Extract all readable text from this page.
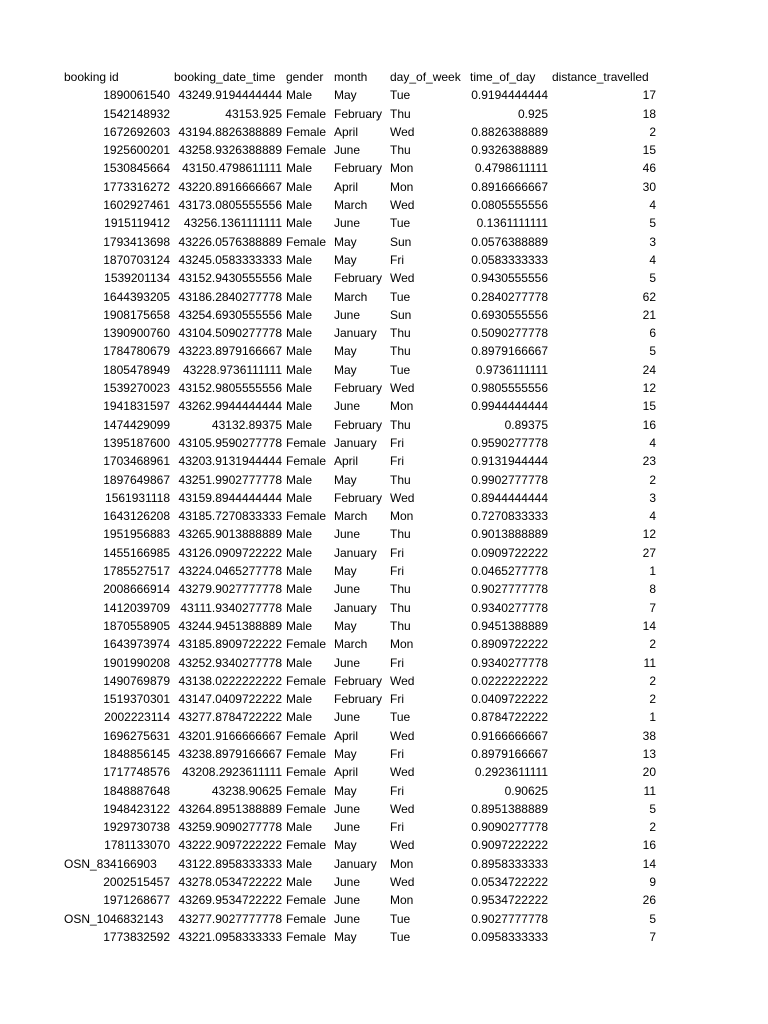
booking id	booking_date_time	gender	month	day_of_week	time_of_day	distance_travelled
1890061540	43249.9194444444	Male	May	Tue	0.9194444444	17
1542148932	43153.925	Female	February	Thu	0.925	18
1672692603	43194.8826388889	Female	April	Wed	0.8826388889	2
1925600201	43258.9326388889	Female	June	Thu	0.9326388889	15
1530845664	43150.4798611111	Male	February	Mon	0.4798611111	46
1773316272	43220.8916666667	Male	April	Mon	0.8916666667	30
1602927461	43173.0805555556	Male	March	Wed	0.0805555556	4
1915119412	43256.1361111111	Male	June	Tue	0.1361111111	5
1793413698	43226.0576388889	Female	May	Sun	0.0576388889	3
1870703124	43245.0583333333	Male	May	Fri	0.0583333333	4
1539201134	43152.9430555556	Male	February	Wed	0.9430555556	5
1644393205	43186.2840277778	Male	March	Tue	0.2840277778	62
1908175658	43254.6930555556	Male	June	Sun	0.6930555556	21
1390900760	43104.5090277778	Male	January	Thu	0.5090277778	6
1784780679	43223.8979166667	Male	May	Thu	0.8979166667	5
1805478949	43228.9736111111	Male	May	Tue	0.9736111111	24
1539270023	43152.9805555556	Male	February	Wed	0.9805555556	12
1941831597	43262.9944444444	Male	June	Mon	0.9944444444	15
1474429099	43132.89375	Male	February	Thu	0.89375	16
1395187600	43105.9590277778	Female	January	Fri	0.9590277778	4
1703468961	43203.9131944444	Female	April	Fri	0.9131944444	23
1897649867	43251.9902777778	Male	May	Thu	0.9902777778	2
1561931118	43159.8944444444	Male	February	Wed	0.8944444444	3
1643126208	43185.7270833333	Female	March	Mon	0.7270833333	4
1951956883	43265.9013888889	Male	June	Thu	0.9013888889	12
1455166985	43126.0909722222	Male	January	Fri	0.0909722222	27
1785527517	43224.0465277778	Male	May	Fri	0.0465277778	1
2008666914	43279.9027777778	Male	June	Thu	0.9027777778	8
1412039709	43111.9340277778	Male	January	Thu	0.9340277778	7
1870558905	43244.9451388889	Male	May	Thu	0.9451388889	14
1643973974	43185.8909722222	Female	March	Mon	0.8909722222	2
1901990208	43252.9340277778	Male	June	Fri	0.9340277778	11
1490769879	43138.0222222222	Female	February	Wed	0.0222222222	2
1519370301	43147.0409722222	Male	February	Fri	0.0409722222	2
2002223114	43277.8784722222	Male	June	Tue	0.8784722222	1
1696275631	43201.9166666667	Female	April	Wed	0.9166666667	38
1848856145	43238.8979166667	Female	May	Fri	0.8979166667	13
1717748576	43208.2923611111	Female	April	Wed	0.2923611111	20
1848887648	43238.90625	Female	May	Fri	0.90625	11
1948423122	43264.8951388889	Female	June	Wed	0.8951388889	5
1929730738	43259.9090277778	Male	June	Fri	0.9090277778	2
1781133070	43222.9097222222	Female	May	Wed	0.9097222222	16
OSN_834166903	43122.8958333333	Male	January	Mon	0.8958333333	14
2002515457	43278.0534722222	Male	June	Wed	0.0534722222	9
1971268677	43269.9534722222	Female	June	Mon	0.9534722222	26
OSN_1046832143	43277.9027777778	Female	June	Tue	0.9027777778	5
1773832592	43221.0958333333	Female	May	Tue	0.0958333333	7
